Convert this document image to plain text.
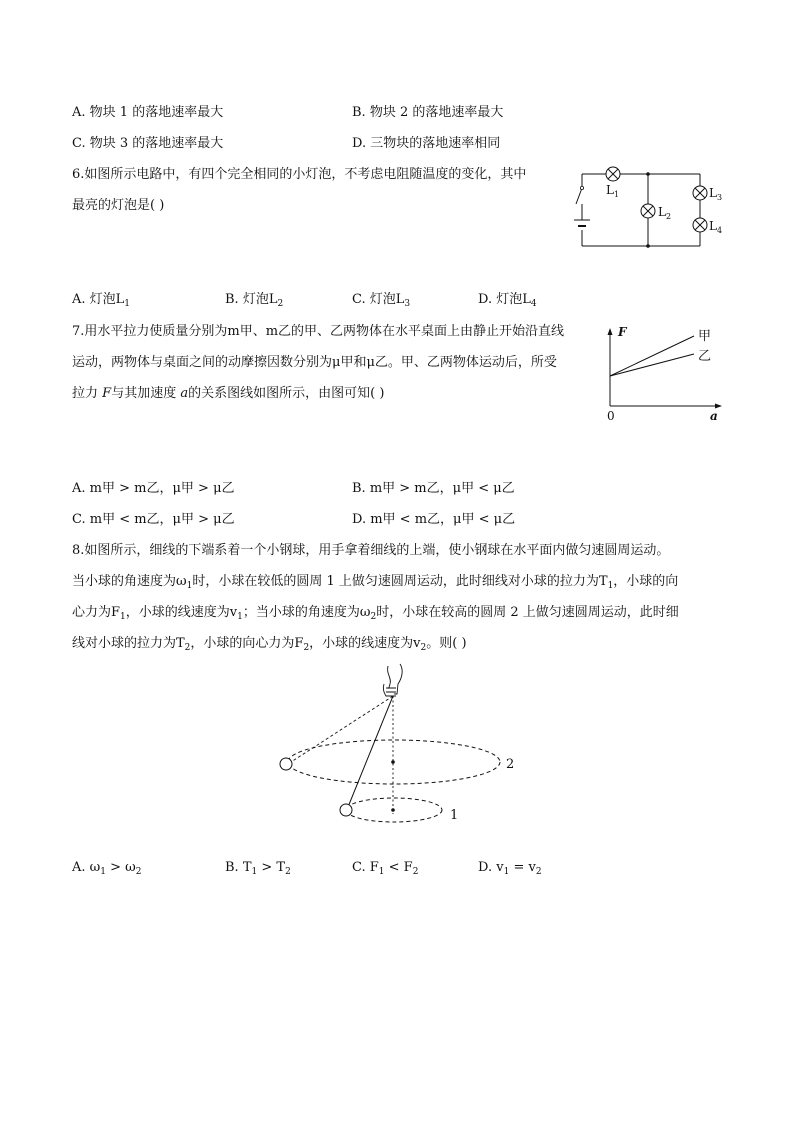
A. 物块 1 的落地速率最大	B. 物块 2 的落地速率最大
C. 物块 3 的落地速率最大	D. 三物块的落地速率相同
6.如图所示电路中，有四个完全相同的小灯泡，不考虑电阻随温度的变化，其中
最亮的灯泡是( )
$L_1$
$L_2$
$L_3$
$L_4$
A. 灯泡$L_1$	B. 灯泡$L_2$	C. 灯泡$L_3$	D. 灯泡$L_4$
7.用水平拉力使质量分别为m甲、m乙的甲、乙两物体在水平桌面上由静止开始沿直线
运动，两物体与桌面之间的动摩擦因数分别为μ甲和μ乙。甲、乙两物体运动后，所受
拉力 F与其加速度 a的关系图线如图所示，由图可知( )
F
a
0
甲
乙
A. m甲 > m乙，μ甲 > μ乙	B. m甲 > m乙，μ甲 < μ乙
C. m甲 < m乙，μ甲 > μ乙	D. m甲 < m乙，μ甲 < μ乙
8.如图所示，细线的下端系着一个小钢球，用手拿着细线的上端，使小钢球在水平面内做匀速圆周运动。
当小球的角速度为$\omega_1$时，小球在较低的圆周 1 上做匀速圆周运动，此时细线对小球的拉力为$T_1$，小球的向
心力为$F_1$，小球的线速度为$v_1$；当小球的角速度为$\omega_2$时，小球在较高的圆周 2 上做匀速圆周运动，此时细
线对小球的拉力为$T_2$，小球的向心力为$F_2$，小球的线速度为$v_2$。则( )
2
1
A. $\omega_1 > \omega_2$	B. $T_1 > T_2$	C. $F_1 < F_2$	D. $v_1 = v_2$
